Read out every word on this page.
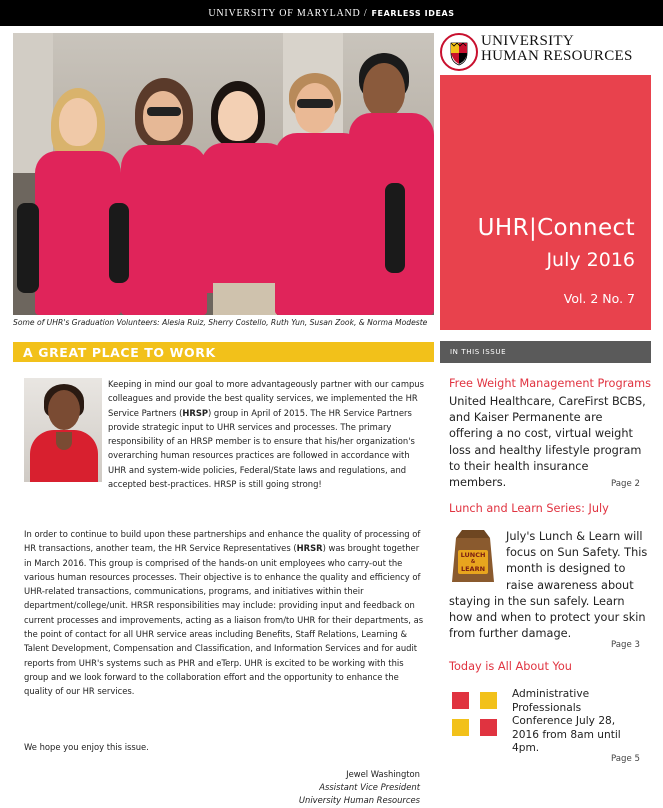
UNIVERSITY OF MARYLAND / FEARLESS IDEAS
Some of UHR's Graduation Volunteers: Alesia Ruiz, Sherry Costello, Ruth Yun, Susan Zook, & Norma Modeste
UNIVERSITY
HUMAN RESOURCES
UHR|Connect
July 2016
Vol. 2 No. 7
A GREAT PLACE TO WORK	IN THIS ISSUE
Keeping in mind our goal to more advantageously partner with our campus colleagues and provide the best quality services, we implemented the HR Service Partners (HRSP) group in April of 2015. The HR Service Partners provide strategic input to UHR services and processes. The primary responsibility of an HRSP member is to ensure that his/her organization's overarching human resources practices are followed in accordance with UHR and system-wide policies, Federal/State laws and regulations, and accepted best-practices. HRSP is still going strong!
In order to continue to build upon these partnerships and enhance the quality of processing of HR transactions, another team, the HR Service Representatives (HRSR) was brought together in March 2016. This group is comprised of the hands-on unit employees who carry-out the various human resources processes. Their objective is to enhance the quality and efficiency of UHR-related transactions, communications, programs, and initiatives within their department/college/unit. HRSR responsibilities may include: providing input and feedback on current processes and improvements, acting as a liaison from/to UHR for their departments, as the point of contact for all UHR service areas including Benefits, Staff Relations, Learning & Talent Development, Compensation and Classification, and Information Services and for audit reports from UHR's systems such as PHR and eTerp. UHR is excited to be working with this group and we look forward to the collaboration effort and the opportunity to enhance the quality of our HR services.
We hope you enjoy this issue.
Jewel Washington
Assistant Vice President
University Human Resources
Free Weight Management Programs
United Healthcare, CareFirst BCBS, and Kaiser Permanente are offering a no cost, virtual weight loss and healthy lifestyle program to their health insurance members.	Page 2
Lunch and Learn Series: July
LUNCH
&
LEARN
July's Lunch & Learn will focus on Sun Safety. This month is designed to raise awareness about staying in the sun safely. Learn how and when to protect your skin from further damage.
Page 3
Today is All About You
Administrative Professionals Conference July 28, 2016 from 8am until 4pm.
Page 5
